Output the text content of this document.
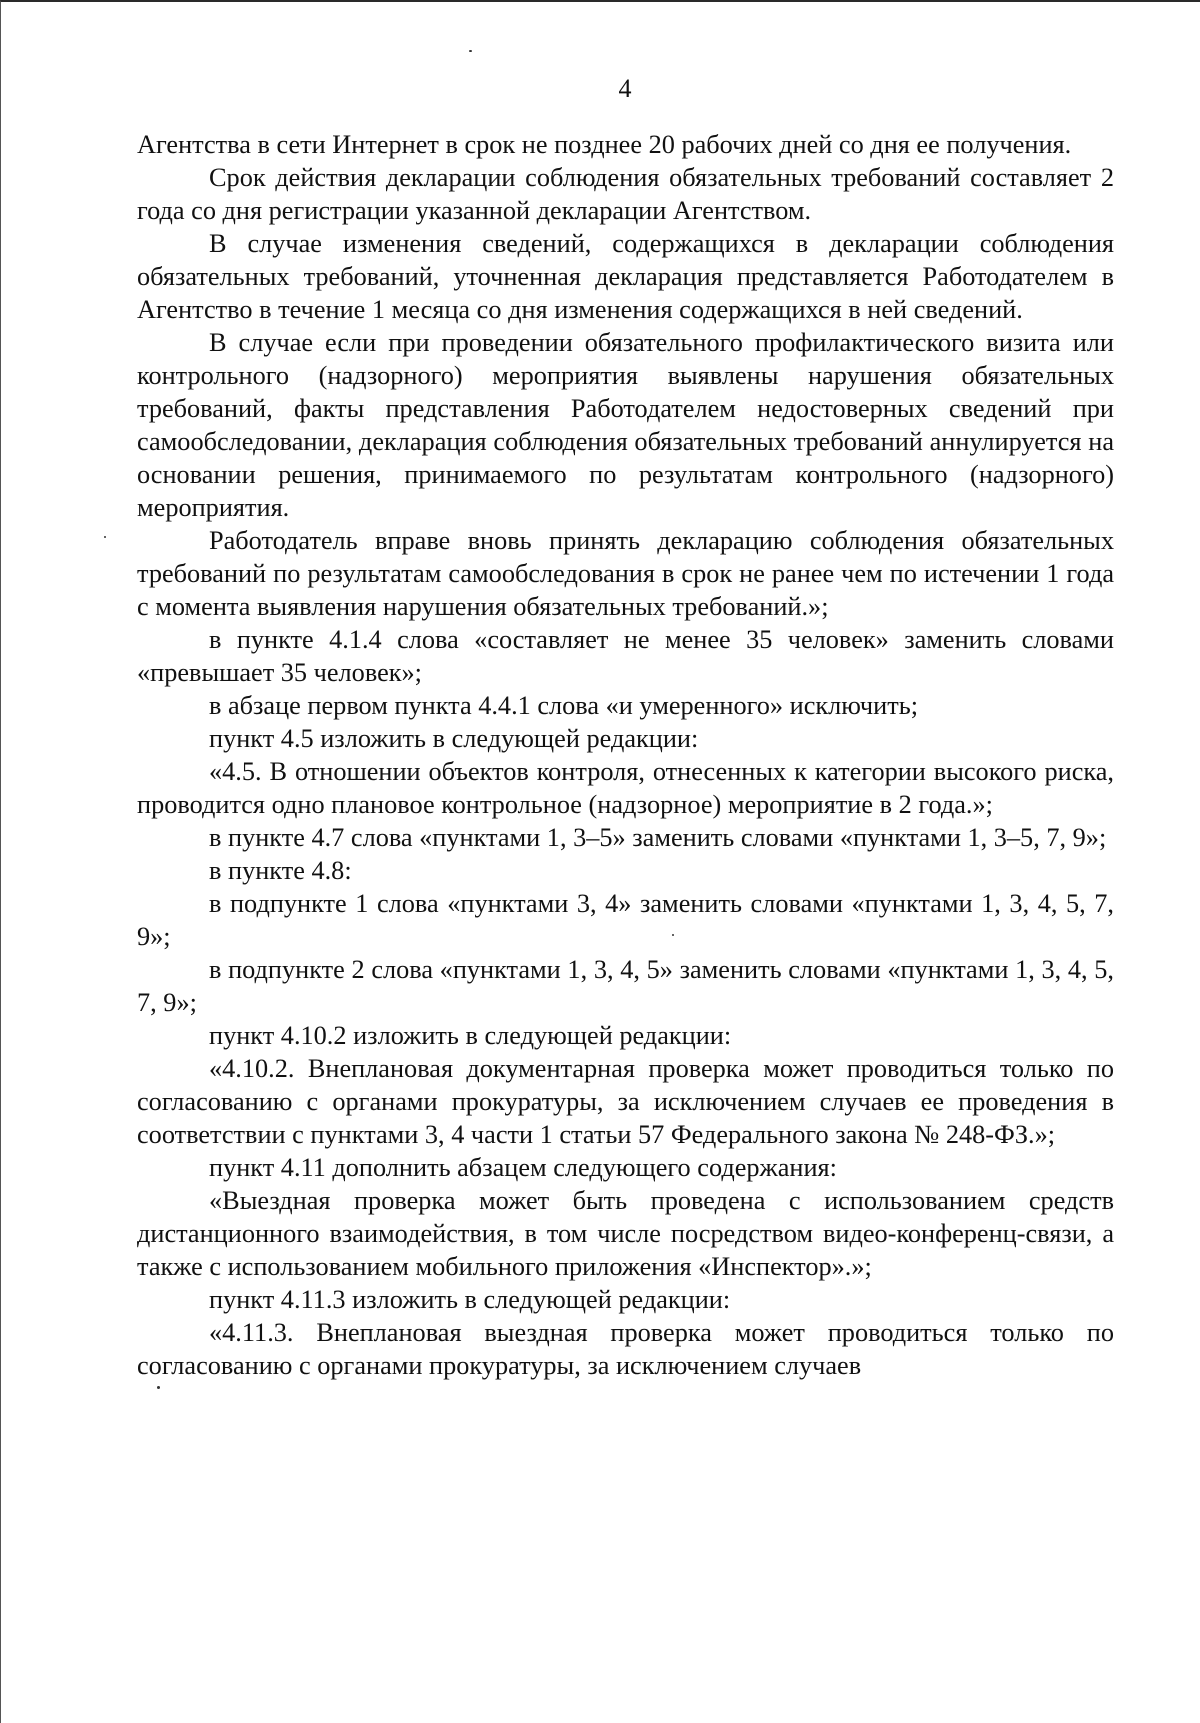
4

Агентства в сети Интернет в срок не позднее 20 рабочих дней со дня ее получения.

Срок действия декларации соблюдения обязательных требований составляет 2 года со дня регистрации указанной декларации Агентством.

В случае изменения сведений, содержащихся в декларации соблюдения обязательных требований, уточненная декларация представляется Работодателем в Агентство в течение 1 месяца со дня изменения содержащихся в ней сведений.

В случае если при проведении обязательного профилактического визита или контрольного (надзорного) мероприятия выявлены нарушения обязательных требований, факты представления Работодателем недостоверных сведений при самообследовании, декларация соблюдения обязательных требований аннулируется на основании решения, принимаемого по результатам контрольного (надзорного) мероприятия.

Работодатель вправе вновь принять декларацию соблюдения обязательных требований по результатам самообследования в срок не ранее чем по истечении 1 года с момента выявления нарушения обязательных требований.»;

в пункте 4.1.4 слова «составляет не менее 35 человек» заменить словами «превышает 35 человек»;

в абзаце первом пункта 4.4.1 слова «и умеренного» исключить;

пункт 4.5 изложить в следующей редакции:

«4.5. В отношении объектов контроля, отнесенных к категории высокого риска, проводится одно плановое контрольное (надзорное) мероприятие в 2 года.»;

в пункте 4.7 слова «пунктами 1, 3–5» заменить словами «пунктами 1, 3–5, 7, 9»;

в пункте 4.8:

в подпункте 1 слова «пунктами 3, 4» заменить словами «пунктами 1, 3, 4, 5, 7, 9»;

в подпункте 2 слова «пунктами 1, 3, 4, 5» заменить словами «пунктами 1, 3, 4, 5, 7, 9»;

пункт 4.10.2 изложить в следующей редакции:

«4.10.2. Внеплановая документарная проверка может проводиться только по согласованию с органами прокуратуры, за исключением случаев ее проведения в соответствии с пунктами 3, 4 части 1 статьи 57 Федерального закона № 248-ФЗ.»;

пункт 4.11 дополнить абзацем следующего содержания:

«Выездная проверка может быть проведена с использованием средств дистанционного взаимодействия, в том числе посредством видео-конференц-связи, а также с использованием мобильного приложения «Инспектор».»;

пункт 4.11.3 изложить в следующей редакции:

«4.11.3. Внеплановая выездная проверка может проводиться только по согласованию с органами прокуратуры, за исключением случаев
